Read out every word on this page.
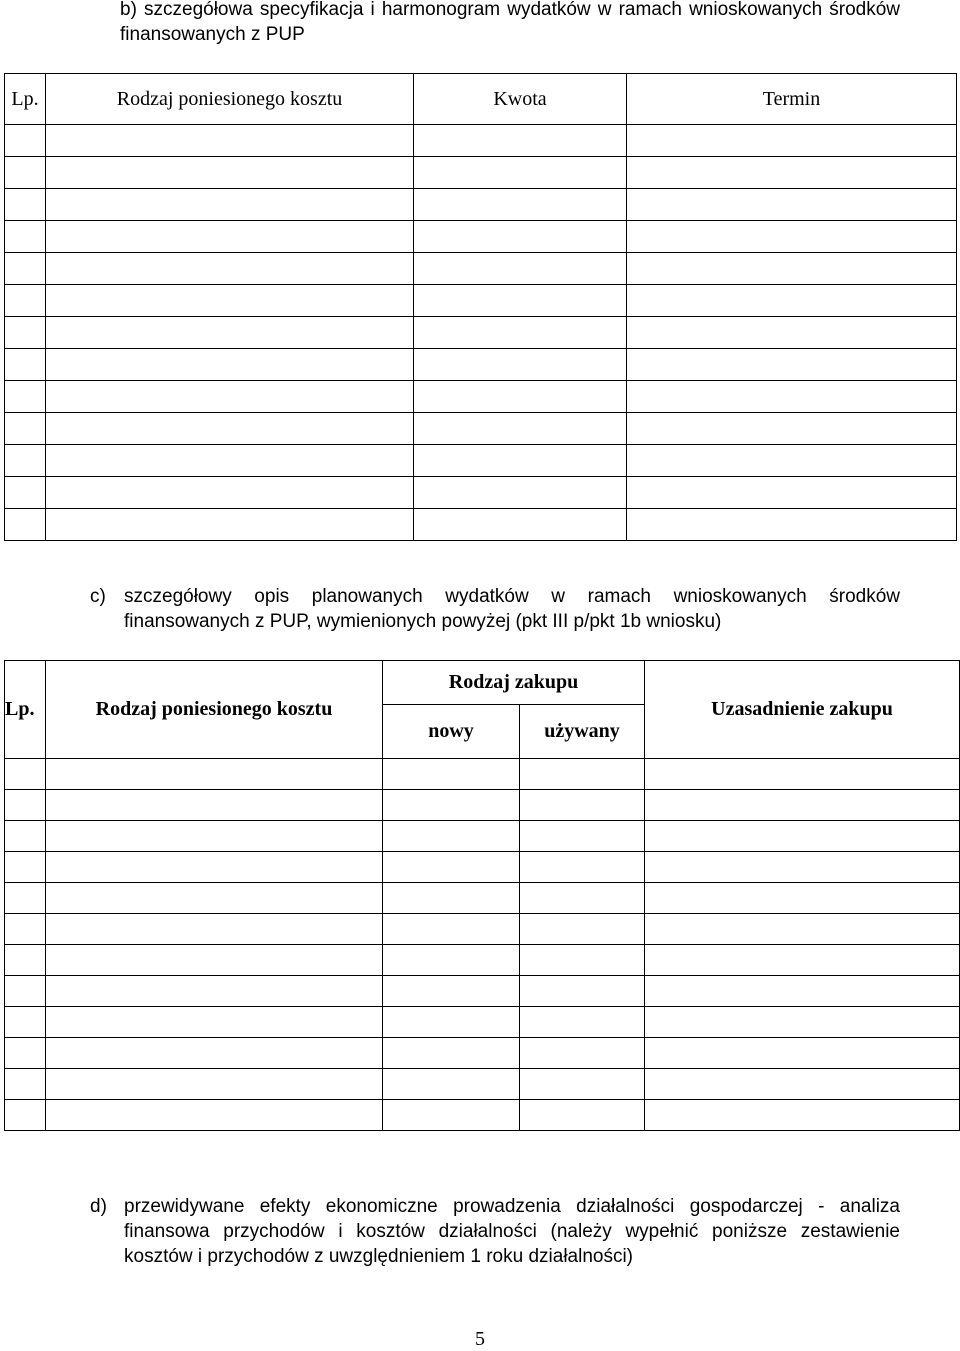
b) szczegółowa specyfikacja i harmonogram wydatków w ramach wnioskowanych środków finansowanych z PUP
Lp.	Rodzaj poniesionego kosztu	Kwota	Termin

c) szczegółowy opis planowanych wydatków w ramach wnioskowanych środków finansowanych z PUP, wymienionych powyżej (pkt III p/pkt 1b wniosku)
Lp.	Rodzaj poniesionego kosztu	Rodzaj zakupu		Uzasadnienie zakupu
		nowy	używany	

d) przewidywane efekty ekonomiczne prowadzenia działalności gospodarczej - analiza finansowa przychodów i kosztów działalności (należy wypełnić poniższe zestawienie kosztów i przychodów z uwzględnieniem 1 roku działalności)
5
